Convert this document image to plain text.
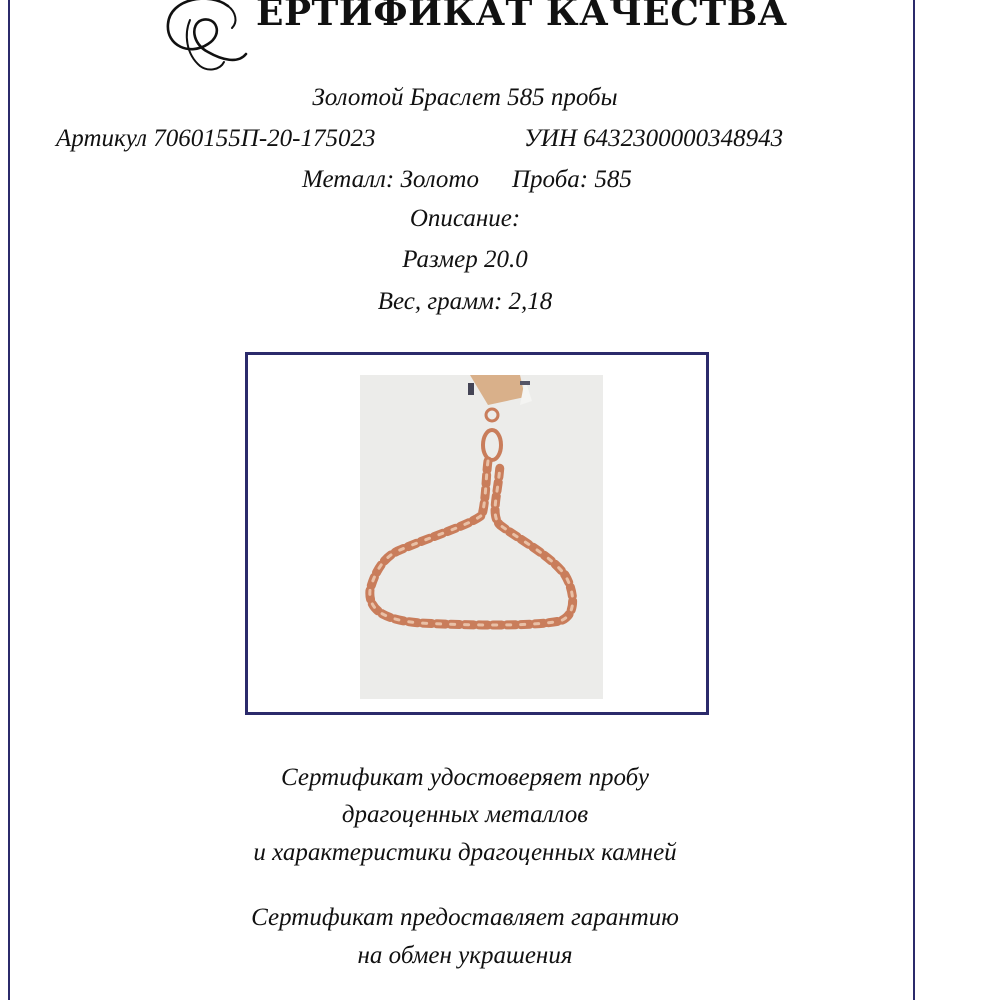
ЕРТИФИКАТ КАЧЕСТВА
Золотой Браслет 585 пробы
Артикул 7060155П-20-175023	УИН 6432300000348943
Металл: Золото Проба: 585
Описание:
Размер 20.0
Вес, грамм: 2,18
Сертификат удостоверяет пробу
драгоценных металлов
и характеристики драгоценных камней
Сертификат предоставляет гарантию
на обмен украшения
